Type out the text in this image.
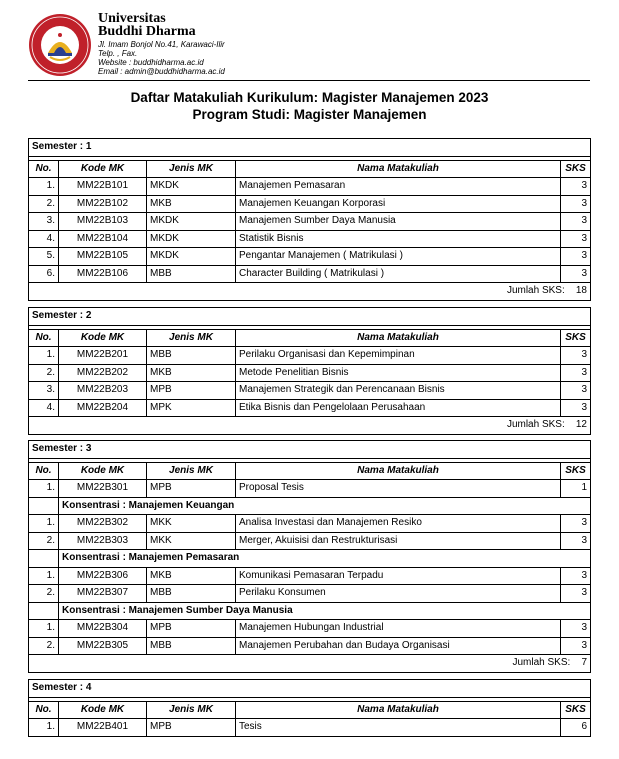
Universitas
Buddhi Dharma
Jl. Imam Bonjol No.41, Karawaci-Ilir
Telp. , Fax.
Website : buddhidharma.ac.id
Email : admin@buddhidharma.ac.id
Daftar Matakuliah Kurikulum: Magister Manajemen 2023
Program Studi: Magister Manajemen
Semester : 1				

No.	Kode MK	Jenis MK	Nama Matakuliah	SKS
1.	MM22B101	MKDK	Manajemen Pemasaran	3
2.	MM22B102	MKB	Manajemen Keuangan Korporasi	3
3.	MM22B103	MKDK	Manajemen Sumber Daya Manusia	3
4.	MM22B104	MKDK	Statistik Bisnis	3
5.	MM22B105	MKDK	Pengantar Manajemen ( Matrikulasi )	3
6.	MM22B106	MBB	Character Building ( Matrikulasi )	3
Jumlah SKS: 18				
Semester : 2				

No.	Kode MK	Jenis MK	Nama Matakuliah	SKS
1.	MM22B201	MBB	Perilaku Organisasi dan Kepemimpinan	3
2.	MM22B202	MKB	Metode Penelitian Bisnis	3
3.	MM22B203	MPB	Manajemen Strategik dan Perencanaan Bisnis	3
4.	MM22B204	MPK	Etika Bisnis dan Pengelolaan Perusahaan	3
Jumlah SKS: 12				
Semester : 3				

No.	Kode MK	Jenis MK	Nama Matakuliah	SKS
1.	MM22B301	MPB	Proposal Tesis	1
	Konsentrasi : Manajemen Keuangan			
1.	MM22B302	MKK	Analisa Investasi dan Manajemen Resiko	3
2.	MM22B303	MKK	Merger, Akuisisi dan Restrukturisasi	3
	Konsentrasi : Manajemen Pemasaran			
1.	MM22B306	MKB	Komunikasi Pemasaran Terpadu	3
2.	MM22B307	MBB	Perilaku Konsumen	3
	Konsentrasi : Manajemen Sumber Daya Manusia			
1.	MM22B304	MPB	Manajemen Hubungan Industrial	3
2.	MM22B305	MBB	Manajemen Perubahan dan Budaya Organisasi	3
Jumlah SKS: 7				
Semester : 4				

No.	Kode MK	Jenis MK	Nama Matakuliah	SKS
1.	MM22B401	MPB	Tesis	6
